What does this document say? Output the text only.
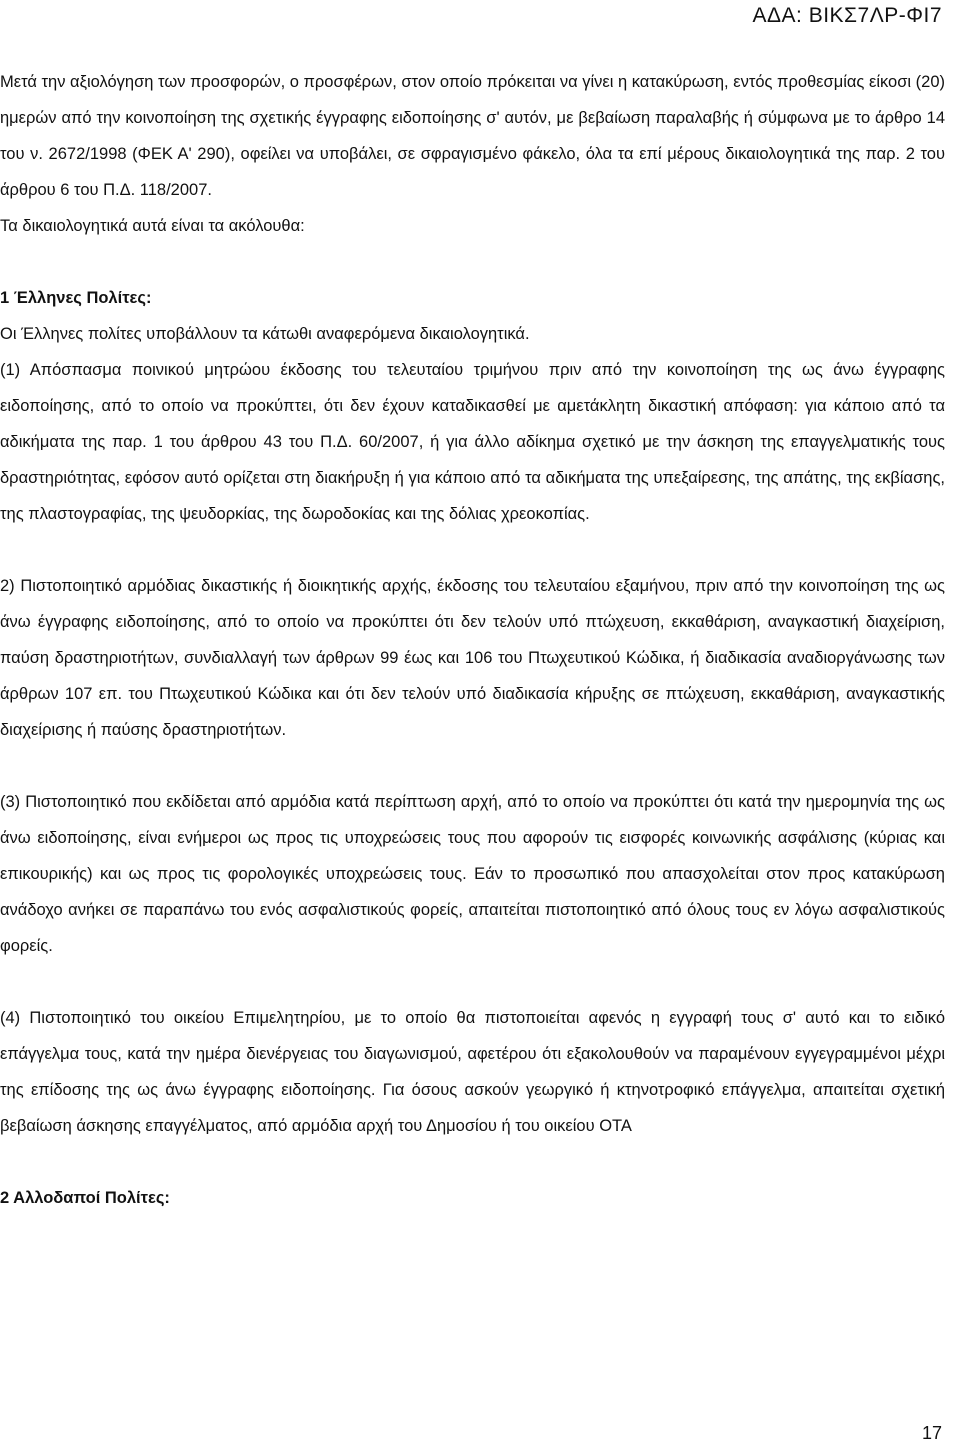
ΑΔΑ: ΒΙΚΣ7ΛΡ-ΦΙ7

Μετά την αξιολόγηση των προσφορών, ο προσφέρων, στον οποίο πρόκειται να γίνει η κατακύρωση, εντός προθεσμίας είκοσι (20) ημερών από την κοινοποίηση της σχετικής έγγραφης ειδοποίησης σ' αυτόν, με βεβαίωση παραλαβής ή σύμφωνα με το άρθρο 14 του ν. 2672/1998 (ΦΕΚ Α' 290), οφείλει να υποβάλει, σε σφραγισμένο φάκελο, όλα τα επί μέρους δικαιολογητικά της παρ. 2 του άρθρου 6 του Π.Δ. 118/2007.

Τα δικαιολογητικά αυτά είναι τα ακόλουθα:

1 Έλληνες Πολίτες:

Οι Έλληνες πολίτες υποβάλλουν τα κάτωθι αναφερόμενα δικαιολογητικά.

(1) Απόσπασμα ποινικού μητρώου έκδοσης του τελευταίου τριμήνου πριν από την κοινοποίηση της ως άνω έγγραφης ειδοποίησης, από το οποίο να προκύπτει, ότι δεν έχουν καταδικασθεί με αμετάκλητη δικαστική απόφαση: για κάποιο από τα αδικήματα της παρ. 1 του άρθρου 43 του Π.Δ. 60/2007, ή για άλλο αδίκημα σχετικό με την άσκηση της επαγγελματικής τους δραστηριότητας, εφόσον αυτό ορίζεται στη διακήρυξη ή για κάποιο από τα αδικήματα της υπεξαίρεσης, της απάτης, της εκβίασης, της πλαστογραφίας, της ψευδορκίας, της δωροδοκίας και της δόλιας χρεοκοπίας.

2) Πιστοποιητικό αρμόδιας δικαστικής ή διοικητικής αρχής, έκδοσης του τελευταίου εξαμήνου, πριν από την κοινοποίηση της ως άνω έγγραφης ειδοποίησης, από το οποίο να προκύπτει ότι δεν τελούν υπό πτώχευση, εκκαθάριση, αναγκαστική διαχείριση, παύση δραστηριοτήτων, συνδιαλλαγή των άρθρων 99 έως και 106 του Πτωχευτικού Κώδικα, ή διαδικασία αναδιοργάνωσης των άρθρων 107 επ. του Πτωχευτικού Κώδικα και ότι δεν τελούν υπό διαδικασία κήρυξης σε πτώχευση, εκκαθάριση, αναγκαστικής διαχείρισης ή παύσης δραστηριοτήτων.

(3) Πιστοποιητικό που εκδίδεται από αρμόδια κατά περίπτωση αρχή, από το οποίο να προκύπτει ότι κατά την ημερομηνία της ως άνω ειδοποίησης, είναι ενήμεροι ως προς τις υποχρεώσεις τους που αφορούν τις εισφορές κοινωνικής ασφάλισης (κύριας και επικουρικής) και ως προς τις φορολογικές υποχρεώσεις τους. Εάν το προσωπικό που απασχολείται στον προς κατακύρωση ανάδοχο ανήκει σε παραπάνω του ενός ασφαλιστικούς φορείς, απαιτείται πιστοποιητικό από όλους τους εν λόγω ασφαλιστικούς φορείς.

(4) Πιστοποιητικό του οικείου Επιμελητηρίου, με το οποίο θα πιστοποιείται αφενός η εγγραφή τους σ' αυτό και το ειδικό επάγγελμα τους, κατά την ημέρα διενέργειας του διαγωνισμού, αφετέρου ότι εξακολουθούν να παραμένουν εγγεγραμμένοι μέχρι της επίδοσης της ως άνω έγγραφης ειδοποίησης. Για όσους ασκούν γεωργικό ή κτηνοτροφικό επάγγελμα, απαιτείται σχετική βεβαίωση άσκησης επαγγέλματος, από αρμόδια αρχή του Δημοσίου ή του οικείου ΟΤΑ

2 Αλλοδαποί Πολίτες:

17
